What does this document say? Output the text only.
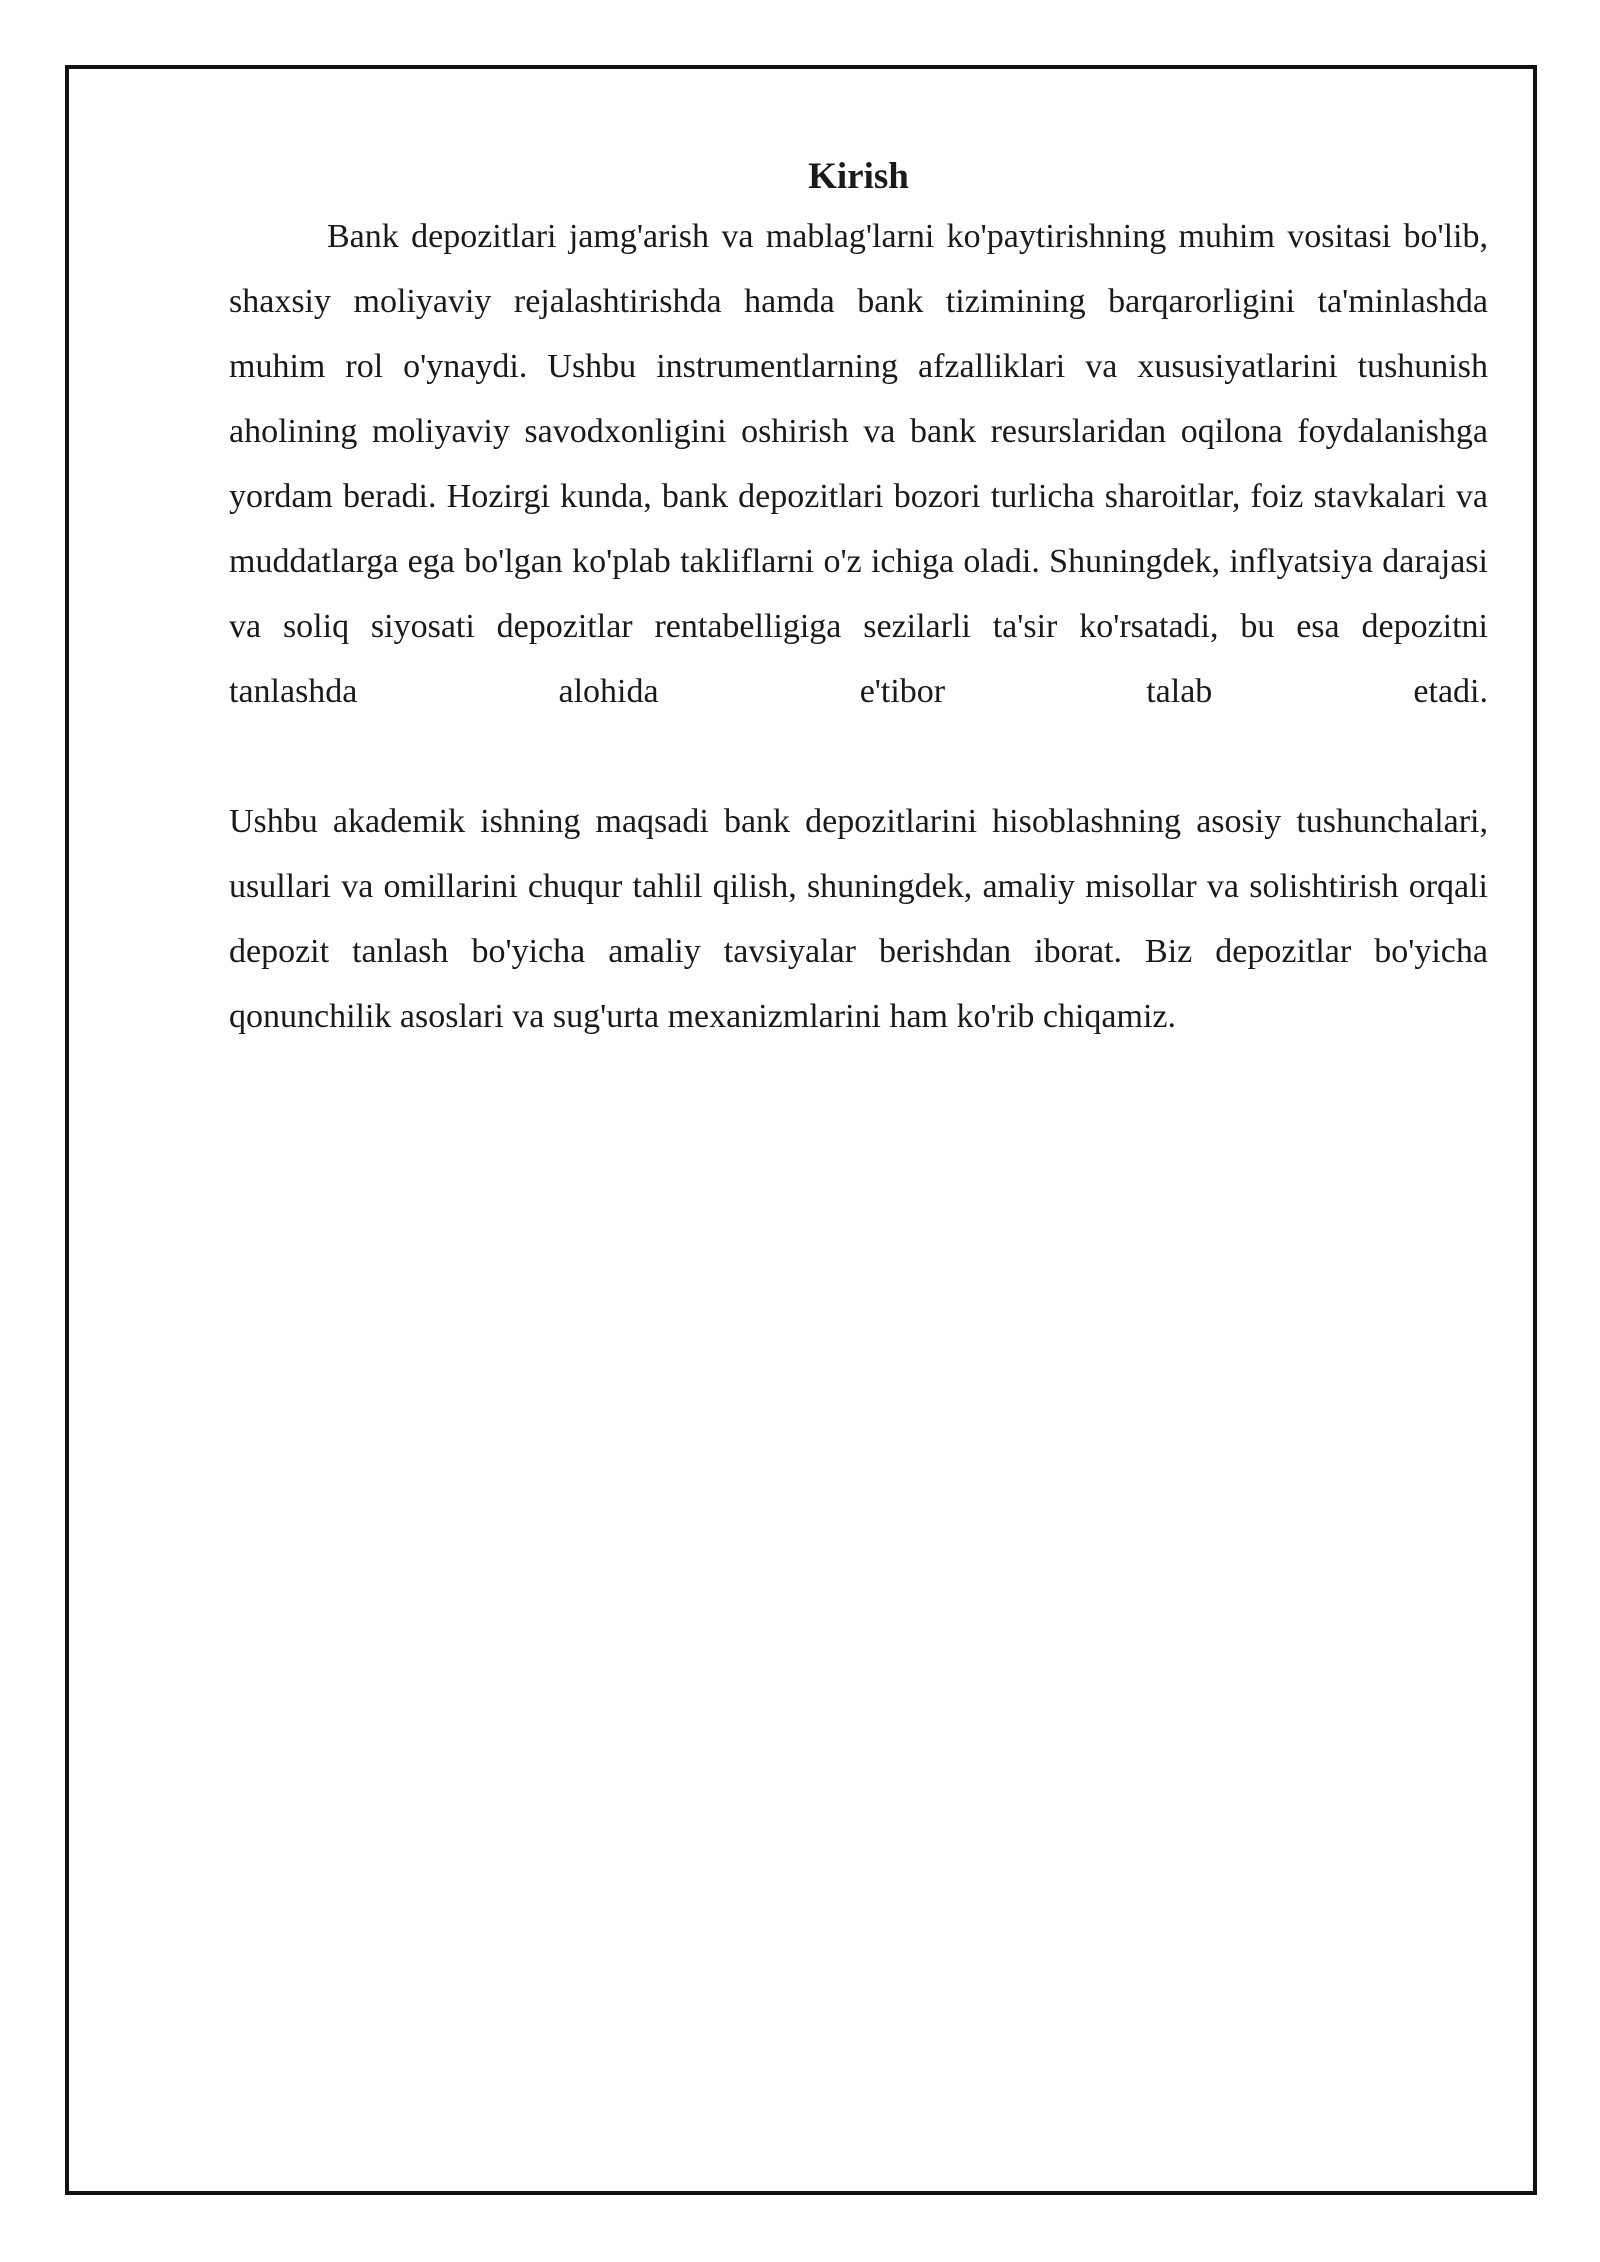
Kirish

Bank depozitlari jamg'arish va mablag'larni ko'paytirishning muhim vositasi bo'lib, shaxsiy moliyaviy rejalashtirishda hamda bank tizimining barqarorligini ta'minlashda muhim rol o'ynaydi. Ushbu instrumentlarning afzalliklari va xususiyatlarini tushunish aholining moliyaviy savodxonligini oshirish va bank resurslaridan oqilona foydalanishga yordam beradi. Hozirgi kunda, bank depozitlari bozori turlicha sharoitlar, foiz stavkalari va muddatlarga ega bo'lgan ko'plab takliflarni o'z ichiga oladi. Shuningdek, inflyatsiya darajasi va soliq siyosati depozitlar rentabelligiga sezilarli ta'sir ko'rsatadi, bu esa depozitni tanlashda alohida e'tibor talab etadi.

Ushbu akademik ishning maqsadi bank depozitlarini hisoblashning asosiy tushunchalari, usullari va omillarini chuqur tahlil qilish, shuningdek, amaliy misollar va solishtirish orqali depozit tanlash bo'yicha amaliy tavsiyalar berishdan iborat. Biz depozitlar bo'yicha qonunchilik asoslari va sug'urta mexanizmlarini ham ko'rib chiqamiz.
